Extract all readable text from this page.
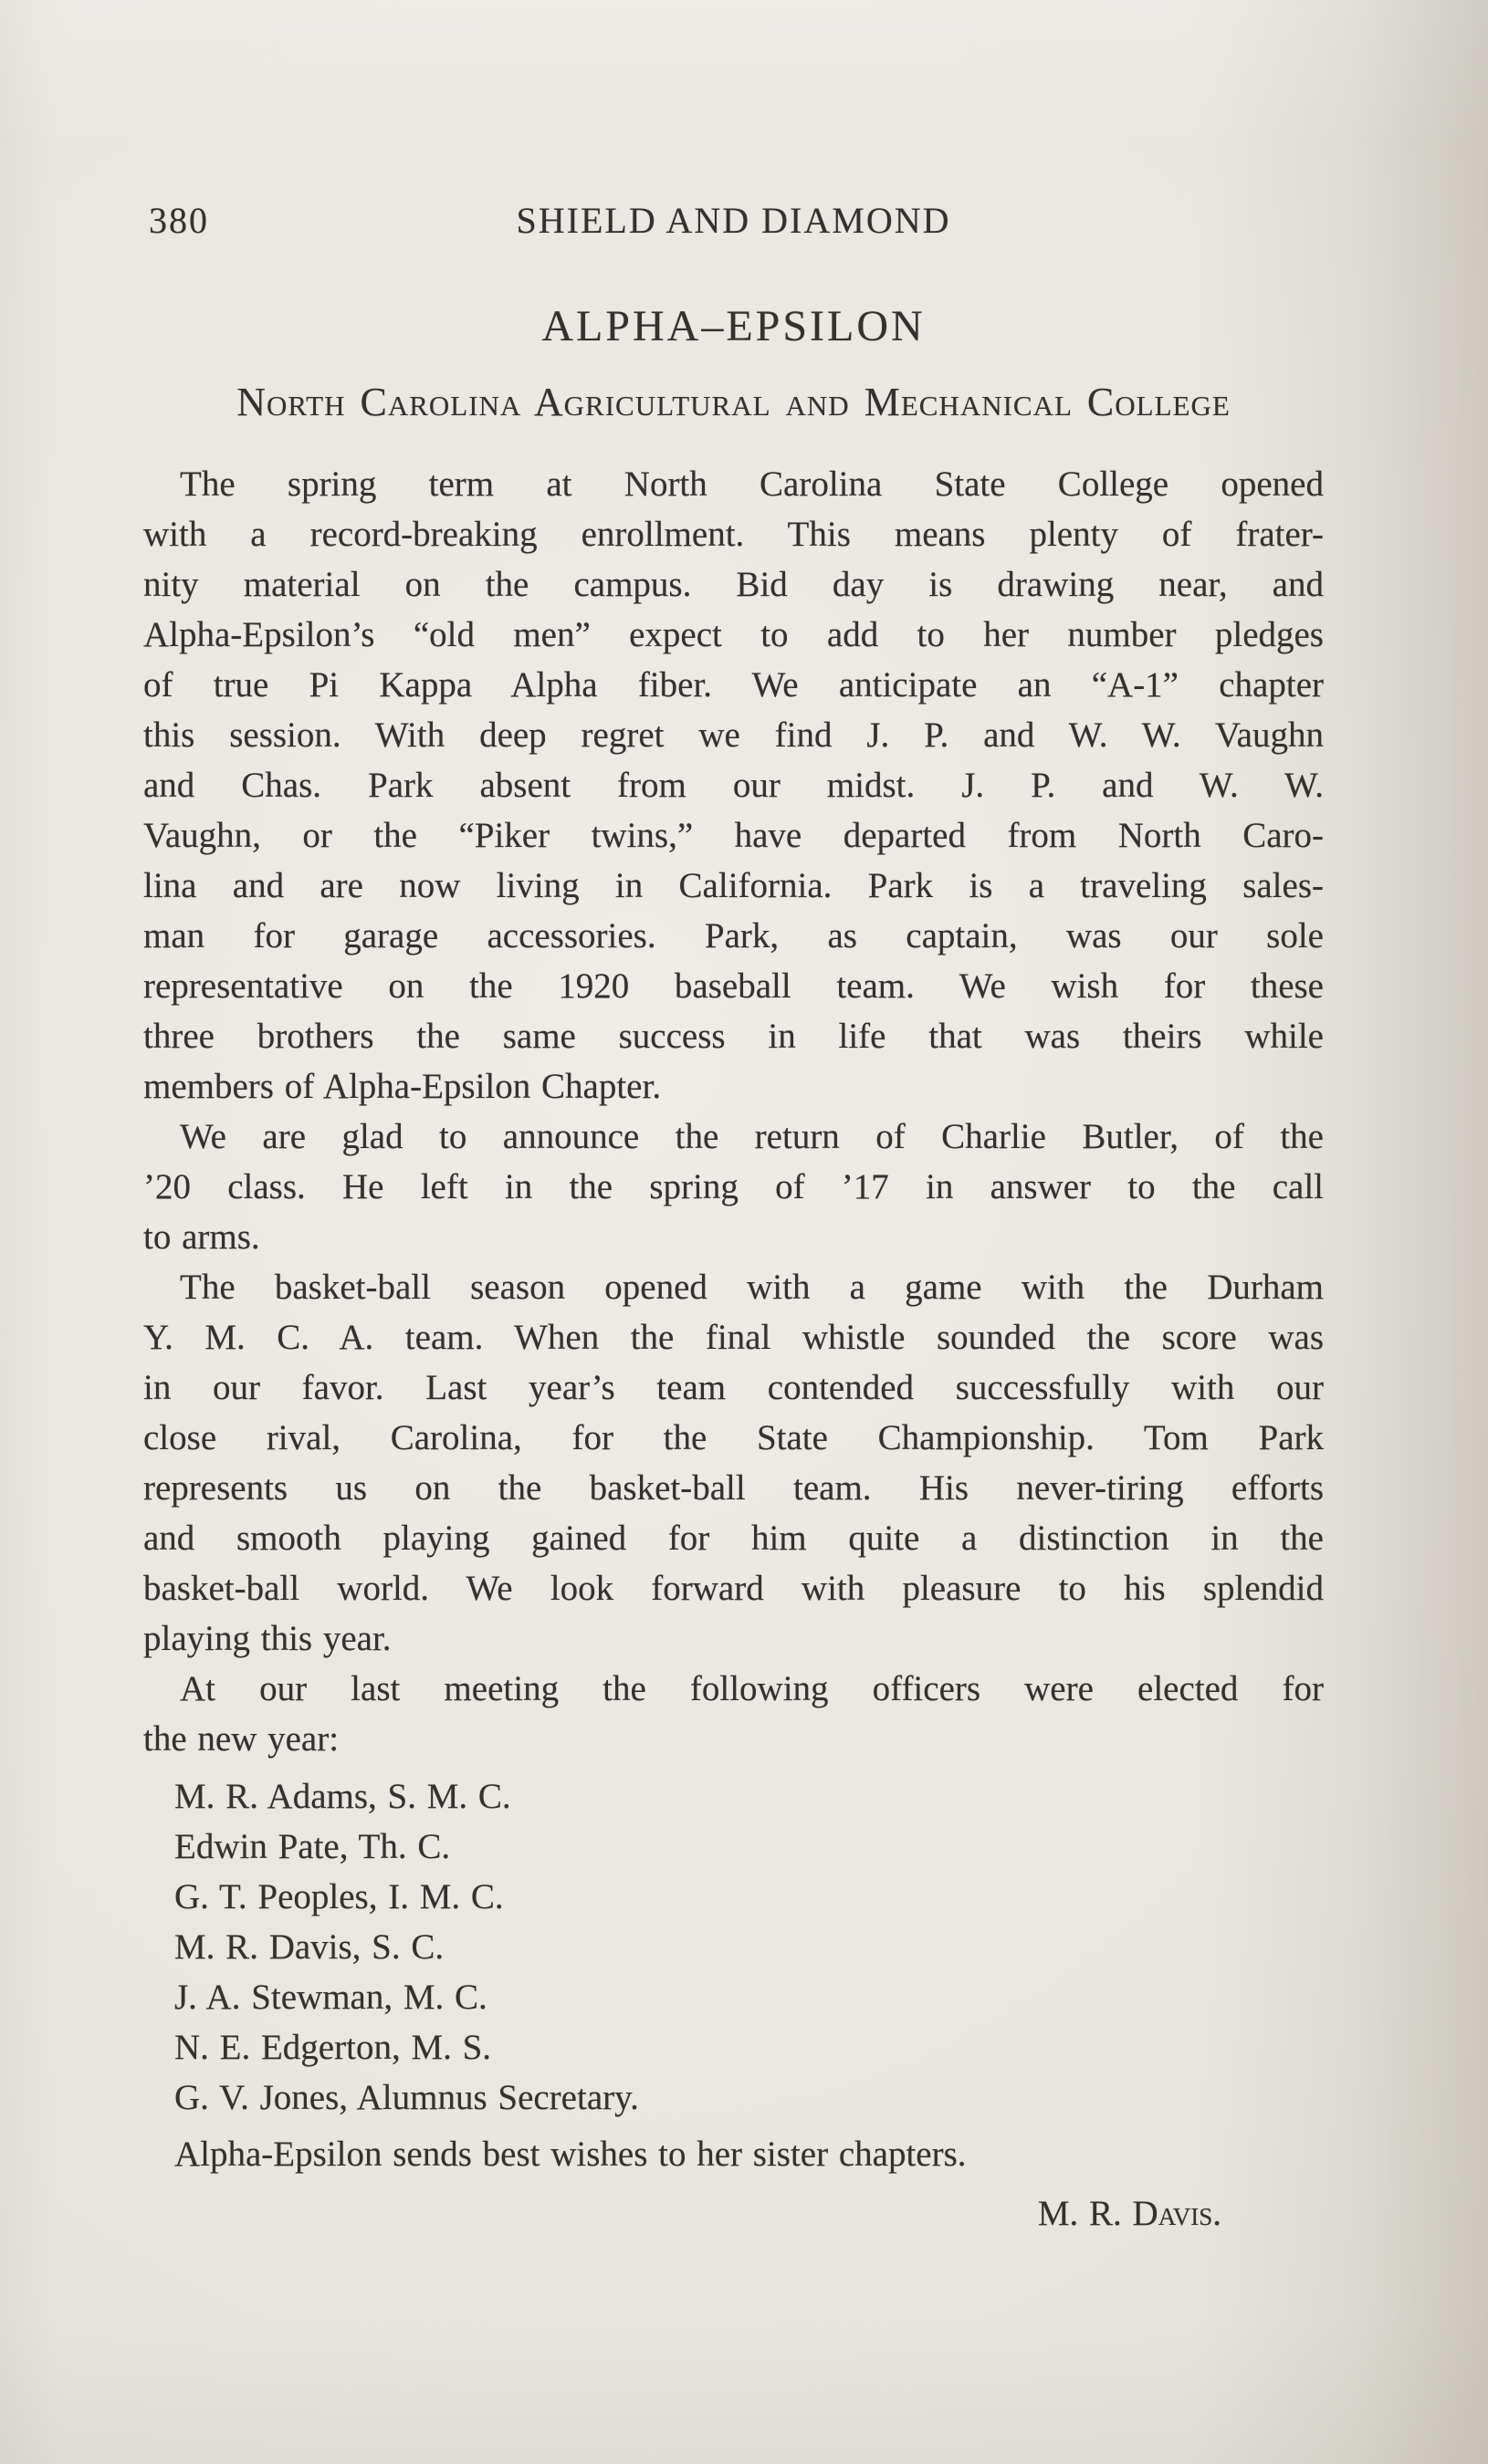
380	SHIELD AND DIAMOND
ALPHA–EPSILON
North Carolina Agricultural and Mechanical College
The spring term at North Carolina State College opened
with a record-breaking enrollment. This means plenty of frater-
nity material on the campus. Bid day is drawing near, and
Alpha-Epsilon’s “old men” expect to add to her number pledges
of true Pi Kappa Alpha fiber. We anticipate an “A-1” chapter
this session. With deep regret we find J. P. and W. W. Vaughn
and Chas. Park absent from our midst. J. P. and W. W.
Vaughn, or the “Piker twins,” have departed from North Caro-
lina and are now living in California. Park is a traveling sales-
man for garage accessories. Park, as captain, was our sole
representative on the 1920 baseball team. We wish for these
three brothers the same success in life that was theirs while
members of Alpha-Epsilon Chapter.
We are glad to announce the return of Charlie Butler, of the
’20 class. He left in the spring of ’17 in answer to the call
to arms.
The basket-ball season opened with a game with the Durham
Y. M. C. A. team. When the final whistle sounded the score was
in our favor. Last year’s team contended successfully with our
close rival, Carolina, for the State Championship. Tom Park
represents us on the basket-ball team. His never-tiring efforts
and smooth playing gained for him quite a distinction in the
basket-ball world. We look forward with pleasure to his splendid
playing this year.
At our last meeting the following officers were elected for
the new year:
M. R. Adams, S. M. C.
Edwin Pate, Th. C.
G. T. Peoples, I. M. C.
M. R. Davis, S. C.
J. A. Stewman, M. C.
N. E. Edgerton, M. S.
G. V. Jones, Alumnus Secretary.
Alpha-Epsilon sends best wishes to her sister chapters.
M. R. Davis.
